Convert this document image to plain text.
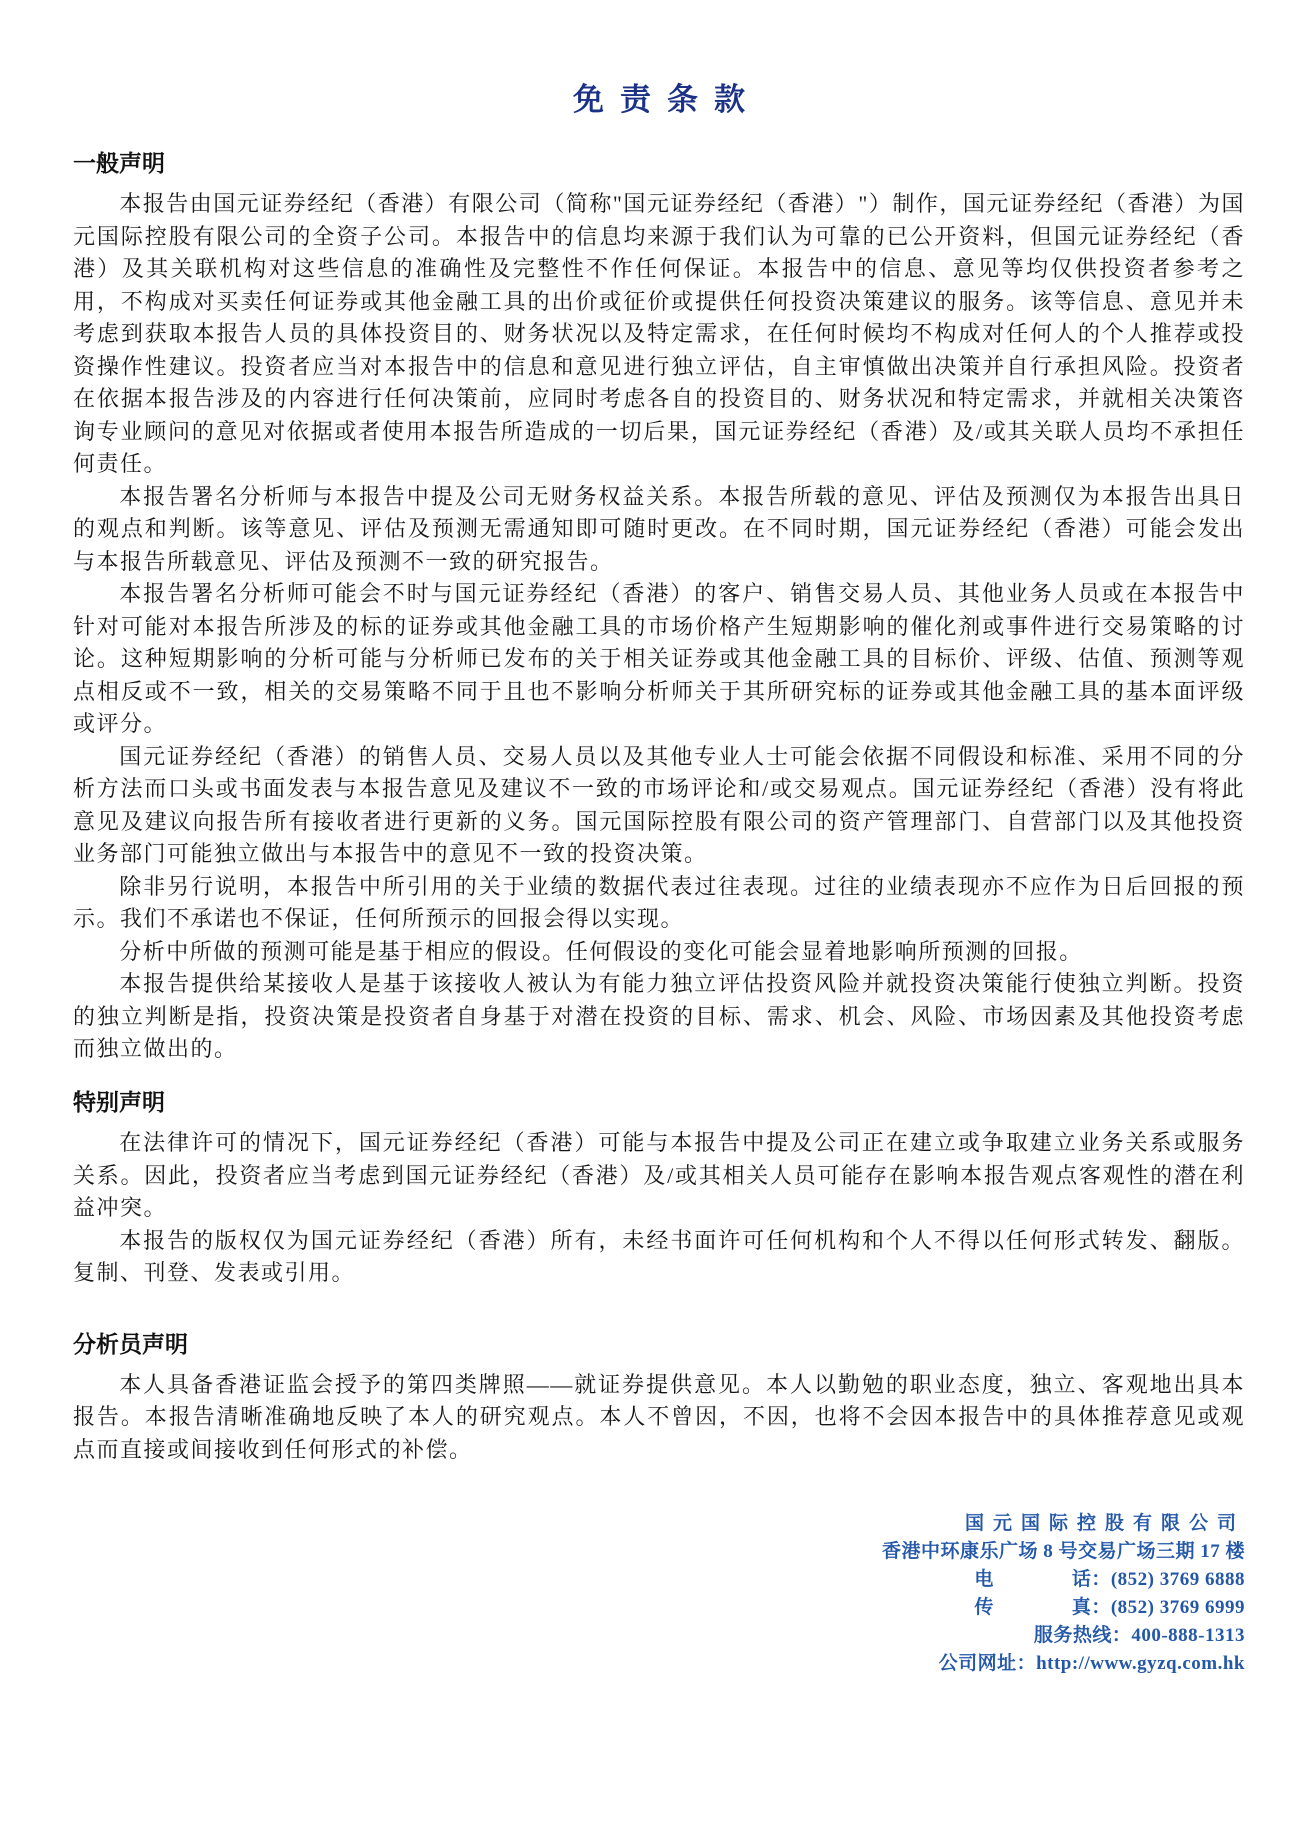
免责条款
一般声明

本报告由国元证券经纪（香港）有限公司（简称"国元证券经纪（香港）"）制作，国元证券经纪（香港）为国元国际控股有限公司的全资子公司。本报告中的信息均来源于我们认为可靠的已公开资料，但国元证券经纪（香港）及其关联机构对这些信息的准确性及完整性不作任何保证。本报告中的信息、意见等均仅供投资者参考之用，不构成对买卖任何证券或其他金融工具的出价或征价或提供任何投资决策建议的服务。该等信息、意见并未考虑到获取本报告人员的具体投资目的、财务状况以及特定需求，在任何时候均不构成对任何人的个人推荐或投资操作性建议。投资者应当对本报告中的信息和意见进行独立评估，自主审慎做出决策并自行承担风险。投资者在依据本报告涉及的内容进行任何决策前，应同时考虑各自的投资目的、财务状况和特定需求，并就相关决策咨询专业顾问的意见对依据或者使用本报告所造成的一切后果，国元证券经纪（香港）及/或其关联人员均不承担任何责任。

本报告署名分析师与本报告中提及公司无财务权益关系。本报告所载的意见、评估及预测仅为本报告出具日的观点和判断。该等意见、评估及预测无需通知即可随时更改。在不同时期，国元证券经纪（香港）可能会发出与本报告所载意见、评估及预测不一致的研究报告。

本报告署名分析师可能会不时与国元证券经纪（香港）的客户、销售交易人员、其他业务人员或在本报告中针对可能对本报告所涉及的标的证券或其他金融工具的市场价格产生短期影响的催化剂或事件进行交易策略的讨论。这种短期影响的分析可能与分析师已发布的关于相关证券或其他金融工具的目标价、评级、估值、预测等观点相反或不一致，相关的交易策略不同于且也不影响分析师关于其所研究标的证券或其他金融工具的基本面评级或评分。

国元证券经纪（香港）的销售人员、交易人员以及其他专业人士可能会依据不同假设和标准、采用不同的分析方法而口头或书面发表与本报告意见及建议不一致的市场评论和/或交易观点。国元证券经纪（香港）没有将此意见及建议向报告所有接收者进行更新的义务。国元国际控股有限公司的资产管理部门、自营部门以及其他投资业务部门可能独立做出与本报告中的意见不一致的投资决策。

除非另行说明，本报告中所引用的关于业绩的数据代表过往表现。过往的业绩表现亦不应作为日后回报的预示。我们不承诺也不保证，任何所预示的回报会得以实现。

分析中所做的预测可能是基于相应的假设。任何假设的变化可能会显着地影响所预测的回报。

本报告提供给某接收人是基于该接收人被认为有能力独立评估投资风险并就投资决策能行使独立判断。投资的独立判断是指，投资决策是投资者自身基于对潜在投资的目标、需求、机会、风险、市场因素及其他投资考虑而独立做出的。

特别声明

在法律许可的情况下，国元证券经纪（香港）可能与本报告中提及公司正在建立或争取建立业务关系或服务关系。因此，投资者应当考虑到国元证券经纪（香港）及/或其相关人员可能存在影响本报告观点客观性的潜在利益冲突。

本报告的版权仅为国元证券经纪（香港）所有，未经书面许可任何机构和个人不得以任何形式转发、翻版。复制、刊登、发表或引用。

分析员声明

本人具备香港证监会授予的第四类牌照——就证券提供意见。本人以勤勉的职业态度，独立、客观地出具本报告。本报告清晰准确地反映了本人的研究观点。本人不曾因，不因，也将不会因本报告中的具体推荐意见或观点而直接或间接收到任何形式的补偿。

国元国际控股有限公司
香港中环康乐广场 8 号交易广场三期 17 楼
电　　　　话：(852) 3769 6888
传　　　　真：(852) 3769 6999
服务热线：400-888-1313
公司网址：http://www.gyzq.com.hk
